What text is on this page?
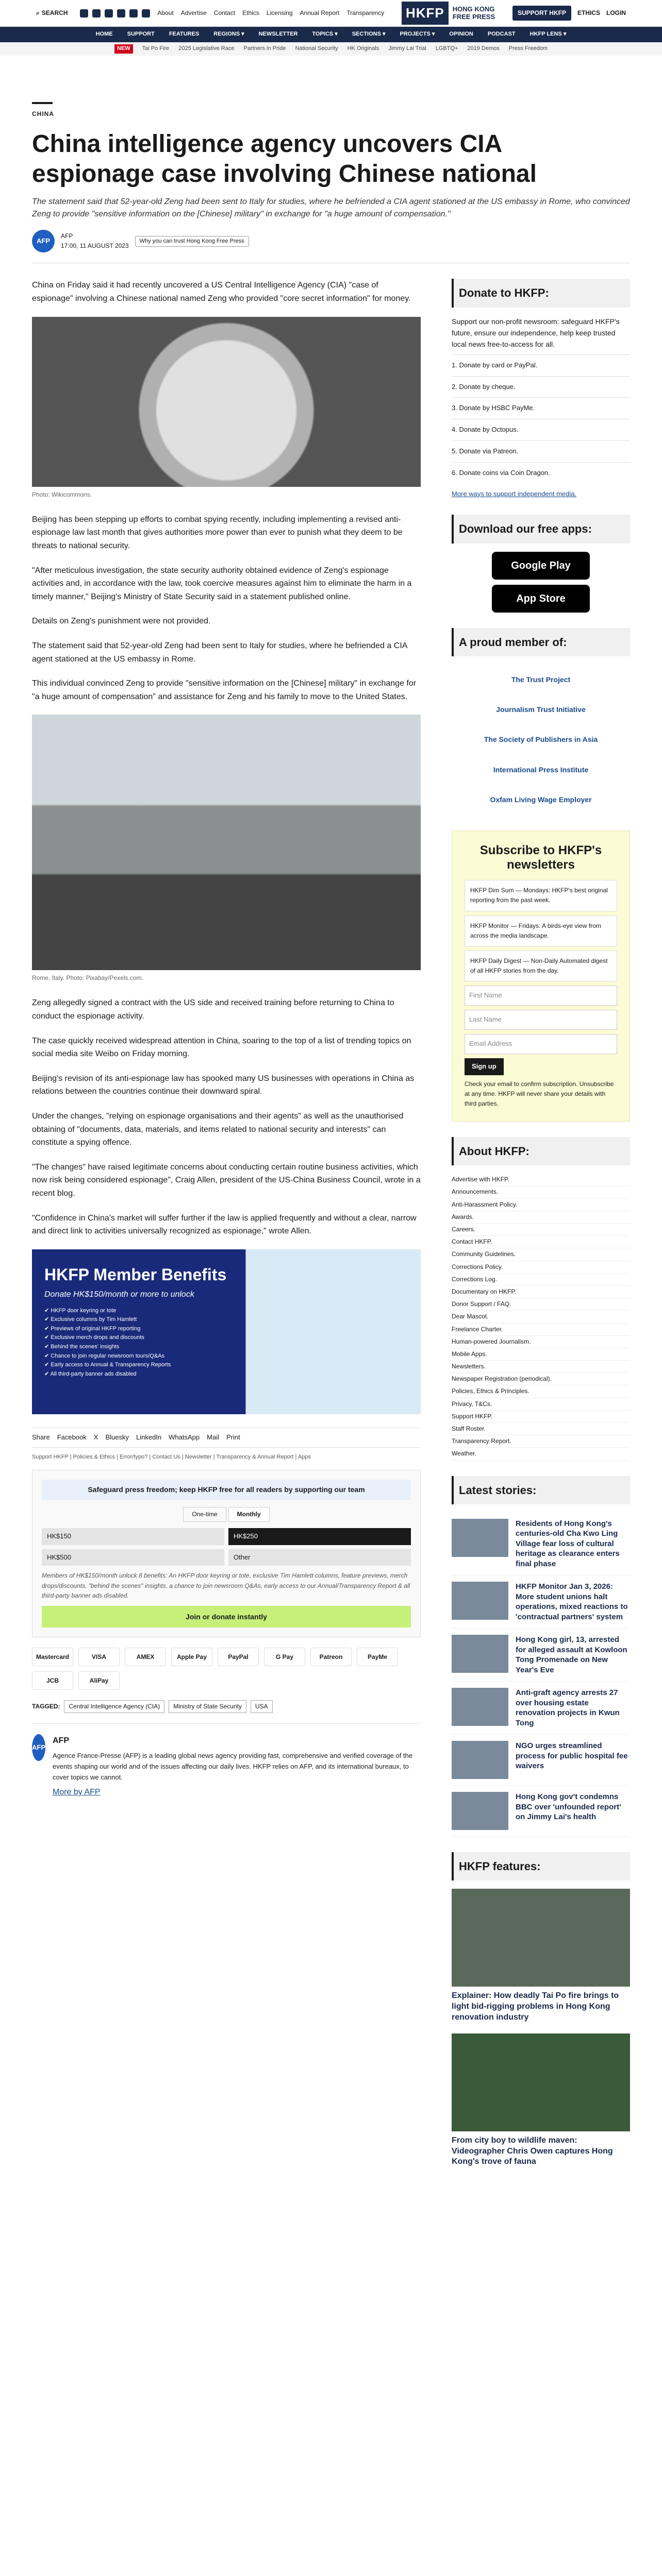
⌕ SEARCH	About Advertise Contact Ethics Licensing Annual Report Transparency	HKFP	HONG KONG
FREE PRESS	SUPPORT HKFP	ETHICS LOGIN
HOME	SUPPORT	FEATURES	REGIONS ▾	NEWSLETTER	TOPICS ▾	SECTIONS ▾	PROJECTS ▾	OPINION	PODCAST	HKFP LENS ▾
NEW	Tai Po Fire 2025 Legislative Race Partners in Pride National Security HK Originals Jimmy Lai Trial LGBTQ+ 2019 Demos Press Freedom
CHINA
China intelligence agency uncovers CIA espionage case involving Chinese national

The statement said that 52-year-old Zeng had been sent to Italy for studies, where he befriended a CIA agent stationed at the US embassy in Rome, who convinced Zeng to provide "sensitive information on the [Chinese] military" in exchange for "a huge amount of compensation."

AFP
AFP
17:00, 11 AUGUST 2023
Why you can trust Hong Kong Free Press

China on Friday said it had recently uncovered a US Central Intelligence Agency (CIA) "case of espionage" involving a Chinese national named Zeng who provided "core secret information" for money.

Photo: Wikicommons.

Beijing has been stepping up efforts to combat spying recently, including implementing a revised anti-espionage law last month that gives authorities more power than ever to punish what they deem to be threats to national security.

"After meticulous investigation, the state security authority obtained evidence of Zeng's espionage activities and, in accordance with the law, took coercive measures against him to eliminate the harm in a timely manner," Beijing's Ministry of State Security said in a statement published online.

Details on Zeng's punishment were not provided.

The statement said that 52-year-old Zeng had been sent to Italy for studies, where he befriended a CIA agent stationed at the US embassy in Rome.

This individual convinced Zeng to provide "sensitive information on the [Chinese] military" in exchange for "a huge amount of compensation" and assistance for Zeng and his family to move to the United States.

Rome, Italy. Photo: Pixabay/Pexels.com.

Zeng allegedly signed a contract with the US side and received training before returning to China to conduct the espionage activity.

The case quickly received widespread attention in China, soaring to the top of a list of trending topics on social media site Weibo on Friday morning.

Beijing's revision of its anti-espionage law has spooked many US businesses with operations in China as relations between the countries continue their downward spiral.

Under the changes, "relying on espionage organisations and their agents" as well as the unauthorised obtaining of "documents, data, materials, and items related to national security and interests" can constitute a spying offence.

"The changes" have raised legitimate concerns about conducting certain routine business activities, which now risk being considered espionage", Craig Allen, president of the US-China Business Council, wrote in a recent blog.

"Confidence in China's market will suffer further if the law is applied frequently and without a clear, narrow and direct link to activities universally recognized as espionage," wrote Allen.

HKFP Member Benefits
Donate HK$150/month or more to unlock
✔ HKFP door keyring or tote
✔ Exclusive columns by Tim Hamlett
✔ Previews of original HKFP reporting
✔ Exclusive merch drops and discounts
✔ Behind the scenes' insights
✔ Chance to join regular newsroom tours/Q&As
✔ Early access to Annual & Transparency Reports
✔ All third-party banner ads disabled
Share Facebook X Bluesky LinkedIn WhatsApp Mail Print
Support HKFP | Policies & Ethics | Error/typo? | Contact Us | Newsletter | Transparency & Annual Report | Apps
Safeguard press freedom; keep HKFP free for all readers by supporting our team
One-time	Monthly
HK$150	HK$250
HK$500	Other

Members of HK$150/month unlock 8 benefits: An HKFP door keyring or tote, exclusive Tim Hamlett columns, feature previews, merch drops/discounts, "behind the scenes" insights, a chance to join newsroom Q&As, early access to our Annual/Transparency Report & all third-party banner ads disabled.

Join or donate instantly
Mastercard	VISA	AMEX	Apple Pay	PayPal	G Pay	Patreon	PayMe
JCB	AliPay
TAGGED:	Central Intelligence Agency (CIA)	Ministry of State Security	USA
AFP
AFP

Agence France-Presse (AFP) is a leading global news agency providing fast, comprehensive and verified coverage of the events shaping our world and of the issues affecting our daily lives. HKFP relies on AFP, and its international bureaux, to cover topics we cannot.

More by AFP
Donate to HKFP:

Support our non-profit newsroom: safeguard HKFP's future, ensure our independence, help keep trusted local news free-to-access for all.

1. Donate by card or PayPal.
2. Donate by cheque.
3. Donate by HSBC PayMe.
4. Donate by Octopus.
5. Donate via Patreon.
6. Donate coins via Coin Dragon.
More ways to support independent media.
Download our free apps:
Google Play
App Store
A proud member of:
The Trust Project
Journalism Trust Initiative
The Society of Publishers in Asia
International Press Institute
Oxfam Living Wage Employer
Subscribe to HKFP's newsletters
HKFP Dim Sum — Mondays: HKFP's best original reporting from the past week.
HKFP Monitor — Fridays: A birds-eye view from across the media landscape.
HKFP Daily Digest — Non-Daily Automated digest of all HKFP stories from the day.
First Name
Last Name
Email Address
Sign up

Check your email to confirm subscription. Unsubscribe at any time. HKFP will never share your details with third parties.

About HKFP:
Advertise with HKFP.
Announcements.
Anti-Harassment Policy.
Awards.
Careers.
Contact HKFP.
Community Guidelines.
Corrections Policy.
Corrections Log.
Documentary on HKFP.
Donor Support / FAQ.
Dear Mascot.
Freelance Charter.
Human-powered Journalism.
Mobile Apps.
Newsletters.
Newspaper Registration (periodical).
Policies, Ethics & Principles.
Privacy, T&Cs.
Support HKFP.
Staff Roster.
Transparency Report.
Weather.
Latest stories:
Residents of Hong Kong's centuries-old Cha Kwo Ling Village fear loss of cultural heritage as clearance enters final phase
HKFP Monitor Jan 3, 2026: More student unions halt operations, mixed reactions to 'contractual partners' system
Hong Kong girl, 13, arrested for alleged assault at Kowloon Tong Promenade on New Year's Eve
Anti-graft agency arrests 27 over housing estate renovation projects in Kwun Tong
NGO urges streamlined process for public hospital fee waivers
Hong Kong gov't condemns BBC over 'unfounded report' on Jimmy Lai's health
HKFP features:
Explainer: How deadly Tai Po fire brings to light bid-rigging problems in Hong Kong renovation industry
From city boy to wildlife maven: Videographer Chris Owen captures Hong Kong's trove of fauna
